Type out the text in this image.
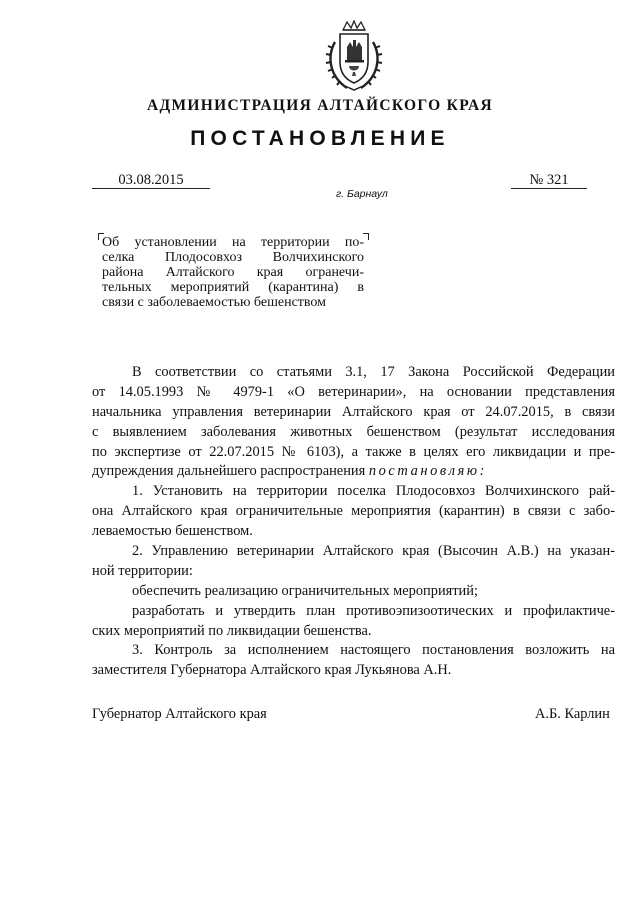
АДМИНИСТРАЦИЯ АЛТАЙСКОГО КРАЯ
ПОСТАНОВЛЕНИЕ
03.08.2015	№ 321
г. Барнаул
Об установлении на территории по-
селка Плодосовхоз Волчихинского
района Алтайского края огранечи-
тельных мероприятий (карантина) в
связи с заболеваемостью бешенством
В соответствии со статьями 3.1, 17 Закона Российской Федерации
от 14.05.1993 № 4979-1 «О ветеринарии», на основании представления
начальника управления ветеринарии Алтайского края от 24.07.2015, в связи
с выявлением заболевания животных бешенством (результат исследования
по экспертизе от 22.07.2015 № 6103), а также в целях его ликвидации и пре-
дупреждения дальнейшего распространения постановляю:
1. Установить на территории поселка Плодосовхоз Волчихинского рай-
она Алтайского края ограничительные мероприятия (карантин) в связи с забо-
леваемостью бешенством.
2. Управлению ветеринарии Алтайского края (Высочин А.В.) на указан-
ной территории:
обеспечить реализацию ограничительных мероприятий;
разработать и утвердить план противоэпизоотических и профилактиче-
ских мероприятий по ликвидации бешенства.
3. Контроль за исполнением настоящего постановления возложить на
заместителя Губернатора Алтайского края Лукьянова А.Н.
Губернатор Алтайского края	А.Б. Карлин
